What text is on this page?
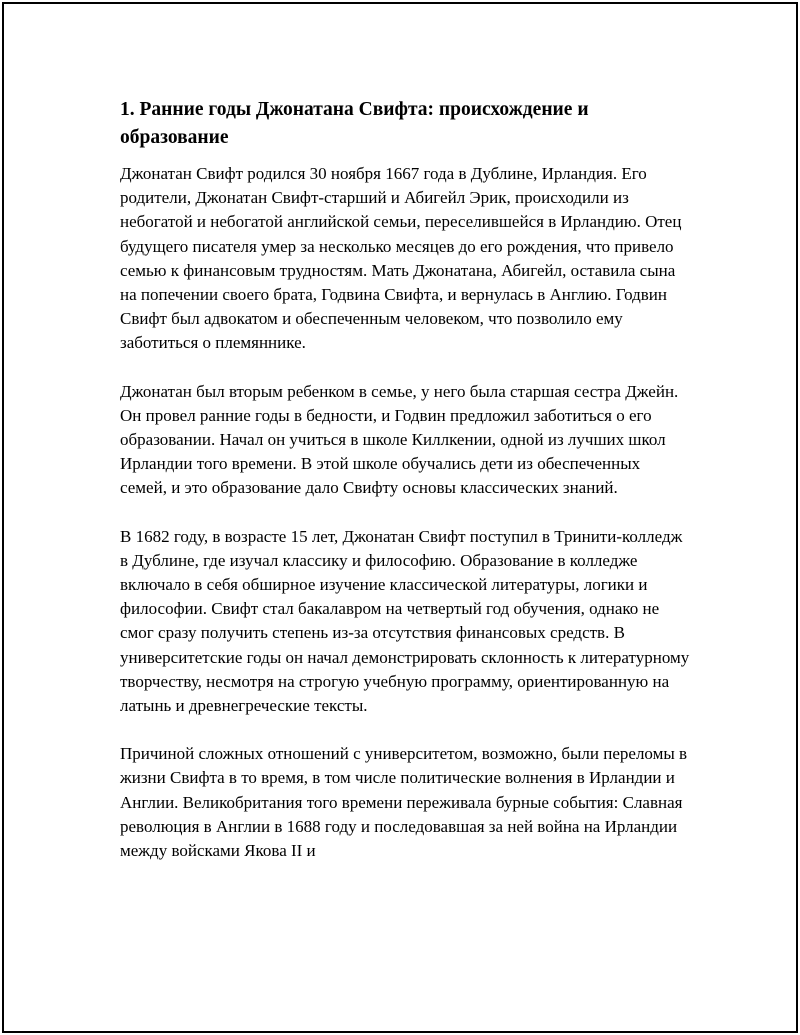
1. Ранние годы Джонатана Свифта: происхождение и образование

Джонатан Свифт родился 30 ноября 1667 года в Дублине, Ирландия. Его родители, Джонатан Свифт-старший и Абигейл Эрик, происходили из небогатой и небогатой английской семьи, переселившейся в Ирландию. Отец будущего писателя умер за несколько месяцев до его рождения, что привело семью к финансовым трудностям. Мать Джонатана, Абигейл, оставила сына на попечении своего брата, Годвина Свифта, и вернулась в Англию. Годвин Свифт был адвокатом и обеспеченным человеком, что позволило ему заботиться о племяннике.

Джонатан был вторым ребенком в семье, у него была старшая сестра Джейн. Он провел ранние годы в бедности, и Годвин предложил заботиться о его образовании. Начал он учиться в школе Киллкении, одной из лучших школ Ирландии того времени. В этой школе обучались дети из обеспеченных семей, и это образование дало Свифту основы классических знаний.

В 1682 году, в возрасте 15 лет, Джонатан Свифт поступил в Тринити-колледж в Дублине, где изучал классику и философию. Образование в колледже включало в себя обширное изучение классической литературы, логики и философии. Свифт стал бакалавром на четвертый год обучения, однако не смог сразу получить степень из-за отсутствия финансовых средств. В университетские годы он начал демонстрировать склонность к литературному творчеству, несмотря на строгую учебную программу, ориентированную на латынь и древнегреческие тексты.

Причиной сложных отношений с университетом, возможно, были переломы в жизни Свифта в то время, в том числе политические волнения в Ирландии и Англии. Великобритания того времени переживала бурные события: Славная революция в Англии в 1688 году и последовавшая за ней война на Ирландии между войсками Якова II и
